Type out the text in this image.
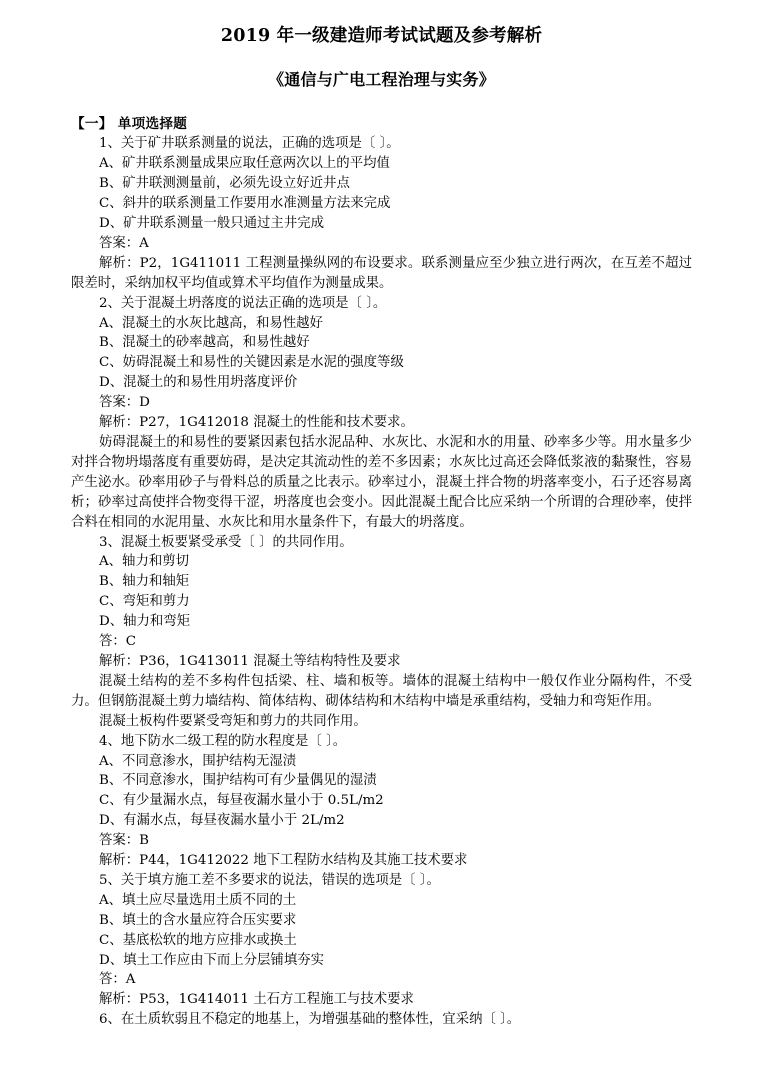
2019 年一级建造师考试试题及参考解析
《通信与广电工程治理与实务》
【一】 单项选择题
1、关于矿井联系测量的说法，正确的选项是〔 〕。
A、矿井联系测量成果应取任意两次以上的平均值
B、矿井联测测量前，必须先设立好近井点
C、斜井的联系测量工作要用水准测量方法来完成
D、矿井联系测量一般只通过主井完成
答案：A
解析：P2，1G411011 工程测量操纵网的布设要求。联系测量应至少独立进行两次，在互差不超过限差时，采纳加权平均值或算术平均值作为测量成果。
2、关于混凝土坍落度的说法正确的选项是〔 〕。
A、混凝土的水灰比越高，和易性越好
B、混凝土的砂率越高，和易性越好
C、妨碍混凝土和易性的关键因素是水泥的强度等级
D、混凝土的和易性用坍落度评价
答案：D
解析：P27，1G412018 混凝土的性能和技术要求。
妨碍混凝土的和易性的要紧因素包括水泥品种、水灰比、水泥和水的用量、砂率多少等。用水量多少对拌合物坍塌落度有重要妨碍，是决定其流动性的差不多因素；水灰比过高还会降低浆液的黏聚性，容易产生泌水。砂率用砂子与骨料总的质量之比表示。砂率过小，混凝土拌合物的坍落率变小，石子还容易离析；砂率过高使拌合物变得干涩，坍落度也会变小。因此混凝土配合比应采纳一个所谓的合理砂率，使拌合料在相同的水泥用量、水灰比和用水量条件下，有最大的坍落度。
3、混凝土板要紧受承受〔 〕的共同作用。
A、轴力和剪切
B、轴力和轴矩
C、弯矩和剪力
D、轴力和弯矩
答：C
解析：P36，1G413011 混凝土等结构特性及要求
混凝土结构的差不多构件包括梁、柱、墙和板等。墙体的混凝土结构中一般仅作业分隔构件，不受力。但钢筋混凝土剪力墙结构、简体结构、砌体结构和木结构中墙是承重结构，受轴力和弯矩作用。
混凝土板构件要紧受弯矩和剪力的共同作用。
4、地下防水二级工程的防水程度是〔 〕。
A、不同意渗水，围护结构无湿渍
B、不同意渗水，围护结构可有少量偶见的湿渍
C、有少量漏水点，每昼夜漏水量小于 0.5L/m2
D、有漏水点，每昼夜漏水量小于 2L/m2
答案：B
解析：P44，1G412022 地下工程防水结构及其施工技术要求
5、关于填方施工差不多要求的说法，错误的选项是〔 〕。
A、填土应尽量选用土质不同的土
B、填土的含水量应符合压实要求
C、基底松软的地方应排水或换土
D、填土工作应由下而上分层铺填夯实
答：A
解析：P53，1G414011 土石方工程施工与技术要求
6、在土质软弱且不稳定的地基上，为增强基础的整体性，宜采纳〔 〕。
